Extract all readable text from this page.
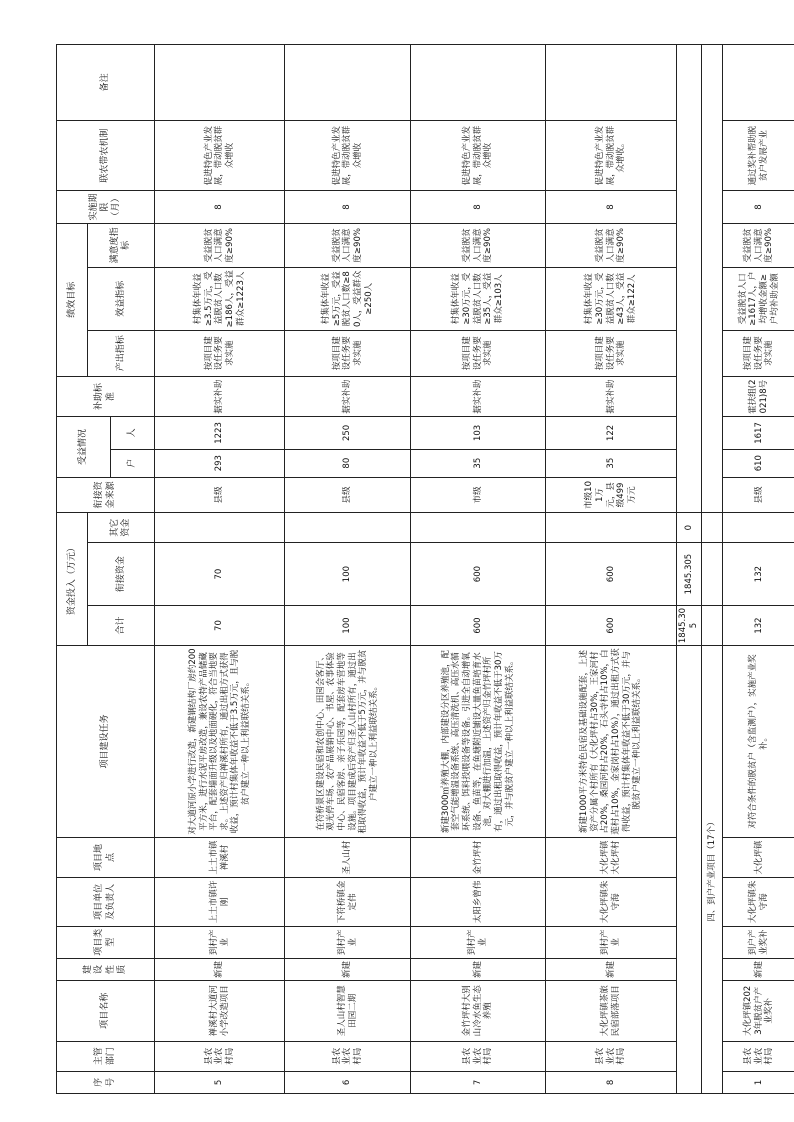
序号	主管部门	项目名称	建设性质	项目类型	项目单位及负责人	项目地点	项目建设任务	资金投入（万元）			衔接资金来源	受益情况		补助标准	绩效目标			实施期限（月）	联农带农机制	备注
								合计	衔接资金	其它资金					产出指标	效益指标	满意度指标			
												户	人							
5	县农业农村局	禅溪村大道河小学改造项目	新建	到村产业	上土市镇许刚	上土市镇禅溪村	对大道河原小学进行改造，新建钢结构厂房约200平方米，进行水泥平房改造，兼设农特产品储藏平台，配套墙面升级以及地面硬化，符合当地要求。上述资产归禅溪村所有，通过出租方式获得收益，预计村集体年收益不低于3.5万元，且与脱贫户建立一种以上利益联结关系。	70	70		县级	293	1223	据实补助	按项目建设任务要求实施	村集体年收益≥3.5万元，受益脱贫人口数≥186人，受益群众≥1223人	受益脱贫人口满意度≥90%	8	促进特色产业发展，带动脱贫群众增收	
6	县农业农村局	圣人山村智慧田园二期	新建	到村产业	下符桥镇金定伟	圣人山村	在符桥景区建设民宿和农创中心、田园会客厅、观光停车场、农产品展销中心、书屋、农事体验中心、民宿客房、亲子乐园等，配套房车营地等设施。项目建成后资产归圣人山村所有，通过出租取得收益，预计年收益不低于5万元，并与脱贫户建立一种以上利益联结关系。	100	100		县级	80	250	据实补助	按项目建设任务要求实施	村集体年收益≥5万元，受益脱贫人口数≥80人，受益群众≥250人	受益脱贫人口满意度≥90%	8	促进特色产业发展，带动脱贫群众增收	
7	县农业农村局	金竹坪村大别山冷水鱼生态养殖	新建	到村产业	太阳乡曾伟	金竹坪村	新建3000㎡养殖大棚，内部建设分区养殖池，配套空气能增温设备系统、高压清洗机、高压水循环系统、饵料投喂设备等设备。引进全自动增氧设备、鱼苗等，在鱼塘附近铺设大量鱼苗培育水池，对大棚进行加温，上述资产归金竹坪村所有，通过出租取得收益，预计年收益不低于30万元，并与脱贫户建立一种以上利益联结关系。	600	600		市级	35	103	据实补助	按项目建设任务要求实施	村集体年收益≥30万元，受益脱贫人口数≥35人，受益群众≥103人	受益脱贫人口满意度≥90%	8	促进特色产业发展，带动脱贫群众增收	
8	县农业农村局	大化坪镇茶旅民宿部落项目	新建	到村产业	大化坪镇朱守海	大化坪镇大化坪村	新建1000平方米特色民宿及基础设施配套，上述资产分属个村所有（大化坪村占30%，王家河村占20%，桑园河村占20%，石头寺村占10%，白莲村占10%，金家岗村占10%），通过出租方式获得收益，预计村集体年收益不低于30万元，并与脱贫户建立一种以上利益联结关系。	600	600		市级101万元，县级499万元	35	122	据实补助	按项目建设任务要求实施	村集体年收益≥30万元，受益脱贫人口数≥43人，受益群众≥122人	受益脱贫人口满意度≥90%	8	促进特色产业发展，带动脱贫群众增收。	
								1845.305	1845.305	0										
四、到户产业项目（17个）																				
1	县农业农村局	大化坪镇2023年脱贫户产业奖补	新建	到户产业奖补	大化坪镇朱守海	大化坪镇	对符合条件的脱贫户（含监测户），实施产业奖补。	132	132		县级	610	1617	霍扶组(2021)8号	按项目建设任务要求实施	受益脱贫人口≥1617人，户均增收金额≥户均补助金额	受益脱贫人口满意度≥90%	8	通过奖补帮助脱贫户发展产业	
